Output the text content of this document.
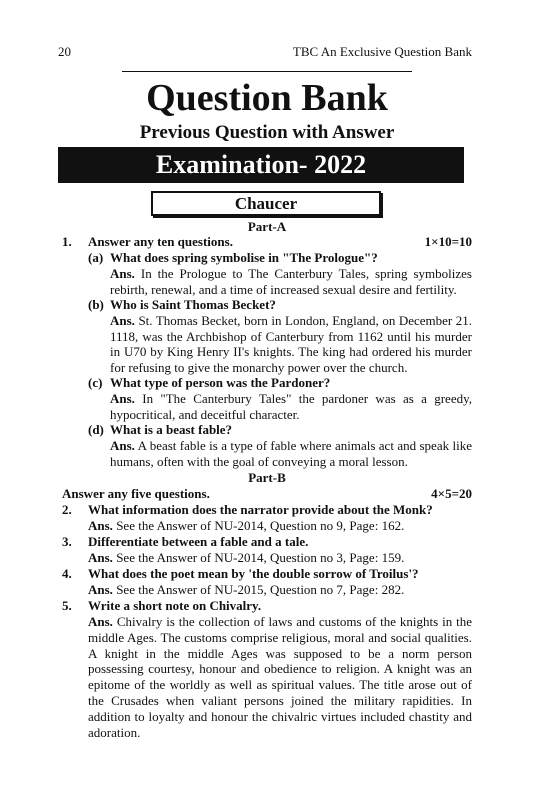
20	TBC An Exclusive Question Bank
Question Bank
Previous Question with Answer
Examination- 2022
Chaucer
Part-A
1. Answer any ten questions.	1×10=10
(a) What does spring symbolise in "The Prologue"?
Ans. In the Prologue to The Canterbury Tales, spring symbolizes rebirth, renewal, and a time of increased sexual desire and fertility.
(b) Who is Saint Thomas Becket?
Ans. St. Thomas Becket, born in London, England, on December 21. 1118, was the Archbishop of Canterbury from 1162 until his murder in U70 by King Henry II's knights. The king had ordered his murder for refusing to give the monarchy power over the church.
(c) What type of person was the Pardoner?
Ans. In "The Canterbury Tales" the pardoner was as a greedy, hypocritical, and deceitful character.
(d) What is a beast fable?
Ans. A beast fable is a type of fable where animals act and speak like humans, often with the goal of conveying a moral lesson.
Part-B
Answer any five questions.	4×5=20
2. What information does the narrator provide about the Monk?
Ans. See the Answer of NU-2014, Question no 9, Page: 162.
3. Differentiate between a fable and a tale.
Ans. See the Answer of NU-2014, Question no 3, Page: 159.
4. What does the poet mean by 'the double sorrow of Troilus'?
Ans. See the Answer of NU-2015, Question no 7, Page: 282.
5. Write a short note on Chivalry.
Ans. Chivalry is the collection of laws and customs of the knights in the middle Ages. The customs comprise religious, moral and social qualities. A knight in the middle Ages was supposed to be a norm person possessing courtesy, honour and obedience to religion. A knight was an epitome of the worldly as well as spiritual values. The title arose out of the Crusades when valiant persons joined the military rapidities. In addition to loyalty and honour the chivalric virtues included chastity and adoration.
